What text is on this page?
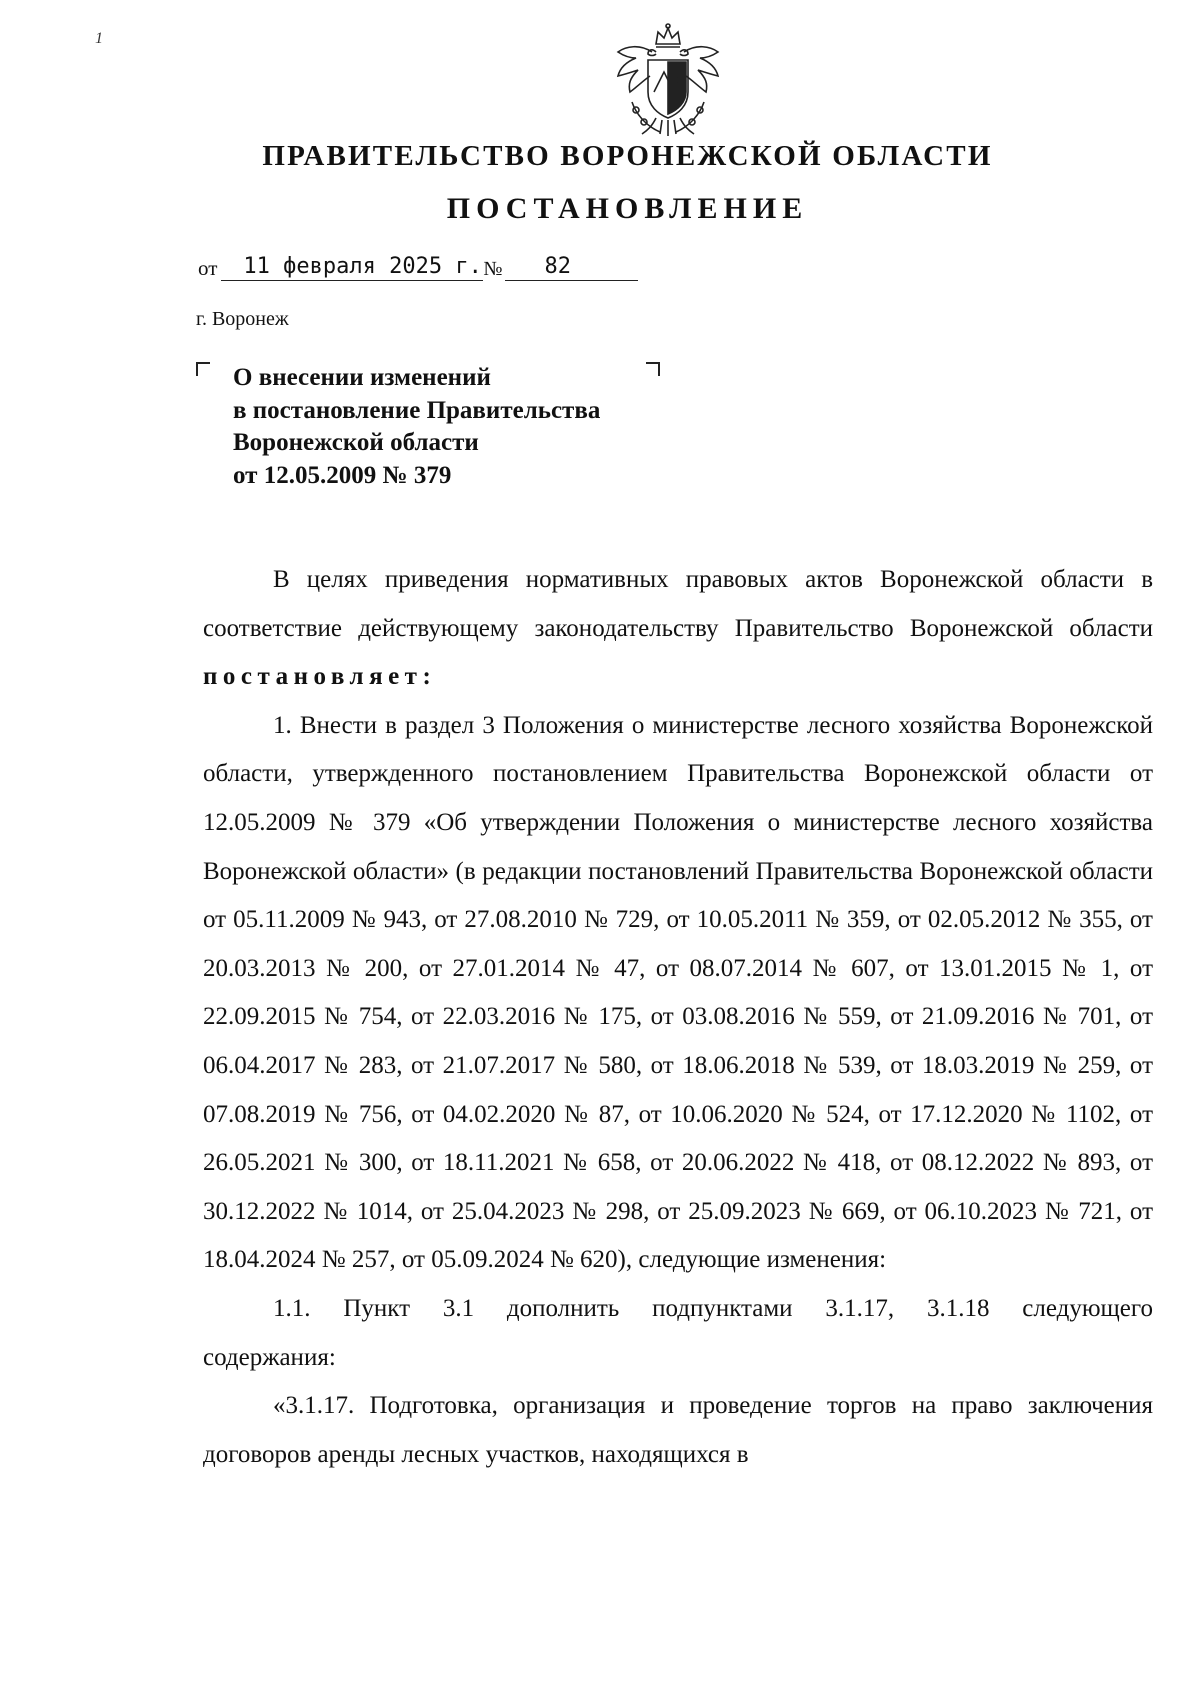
1
ПРАВИТЕЛЬСТВО ВОРОНЕЖСКОЙ ОБЛАСТИ
ПОСТАНОВЛЕНИЕ
от	11 февраля 2025 г. №	82
г. Воронеж
О внесении изменений
в постановление Правительства
Воронежской области
от 12.05.2009 № 379

В целях приведения нормативных правовых актов Воронежской области в соответствие действующему законодательству Правительство Воронежской области постановляет:

1. Внести в раздел 3 Положения о министерстве лесного хозяйства Воронежской области, утвержденного постановлением Правительства Воронежской области от 12.05.2009 № 379 «Об утверждении Положения о министерстве лесного хозяйства Воронежской области» (в редакции постановлений Правительства Воронежской области от 05.11.2009 № 943, от 27.08.2010 № 729, от 10.05.2011 № 359, от 02.05.2012 № 355, от 20.03.2013 № 200, от 27.01.2014 № 47, от 08.07.2014 № 607, от 13.01.2015 № 1, от 22.09.2015 № 754, от 22.03.2016 № 175, от 03.08.2016 № 559, от 21.09.2016 № 701, от 06.04.2017 № 283, от 21.07.2017 № 580, от 18.06.2018 № 539, от 18.03.2019 № 259, от 07.08.2019 № 756, от 04.02.2020 № 87, от 10.06.2020 № 524, от 17.12.2020 № 1102, от 26.05.2021 № 300, от 18.11.2021 № 658, от 20.06.2022 № 418, от 08.12.2022 № 893, от 30.12.2022 № 1014, от 25.04.2023 № 298, от 25.09.2023 № 669, от 06.10.2023 № 721, от 18.04.2024 № 257, от 05.09.2024 № 620), следующие изменения:

1.1. Пункт 3.1 дополнить подпунктами 3.1.17, 3.1.18 следующего содержания:

«3.1.17. Подготовка, организация и проведение торгов на право заключения договоров аренды лесных участков, находящихся в
